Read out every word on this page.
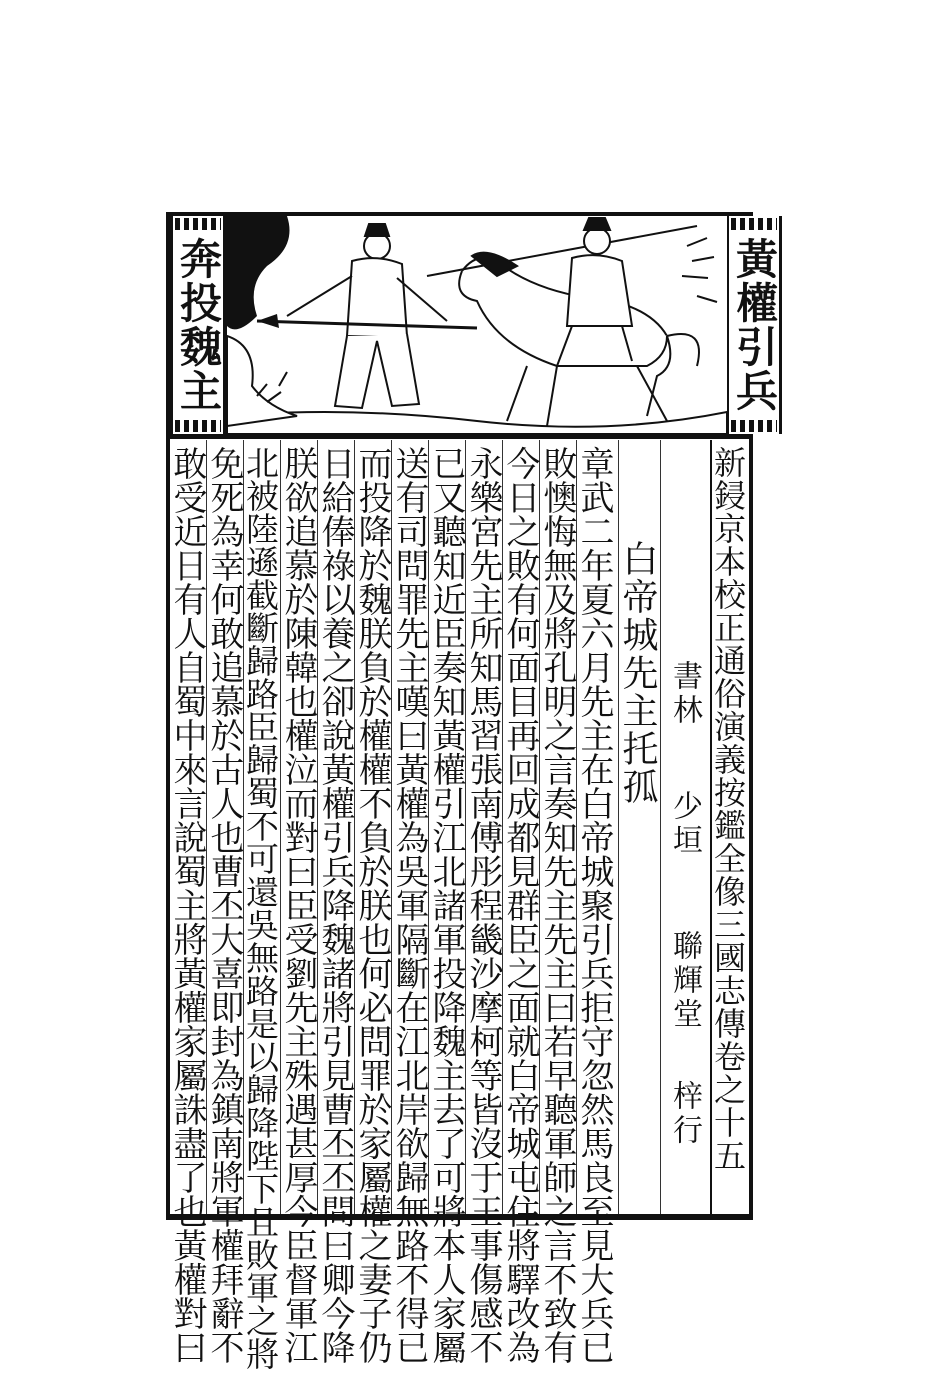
黃權引兵
奔投魏主
新鋟京本校正通俗演義按鑑全像三國志傳卷之十五
書林
少垣
聯輝堂
梓行
白帝城先主托孤
章武二年夏六月先主在白帝城聚引兵拒守忽然馬良至見大兵已
敗懊悔無及將孔明之言奏知先主先主曰若早聽軍師之言不致有
今日之敗有何面目再回成都見群臣之面就白帝城屯住將驛改為
永樂宮先主所知馬習張南傅彤程畿沙摩柯等皆沒于王事傷感不
已又聽知近臣奏知黃權引江北諸軍投降魏主去了可將本人家屬
送有司問罪先主嘆曰黃權為吳軍隔斷在江北岸欲歸無路不得已
而投降於魏朕負於權權不負於朕也何必問罪於家屬權之妻子仍
日給俸祿以養之卻說黃權引兵降魏諸將引見曹丕丕問曰卿今降
朕欲追慕於陳韓也權泣而對曰臣受劉先主殊遇甚厚今臣督軍江
北被陸遜截斷歸路臣歸蜀不可還吳無路是以歸降陛下且敗軍之將
免死為幸何敢追慕於古人也曹丕大喜即封為鎮南將軍權拜辭不
敢受近日有人自蜀中來言說蜀主將黃權家屬誅盡了也黃權對曰
